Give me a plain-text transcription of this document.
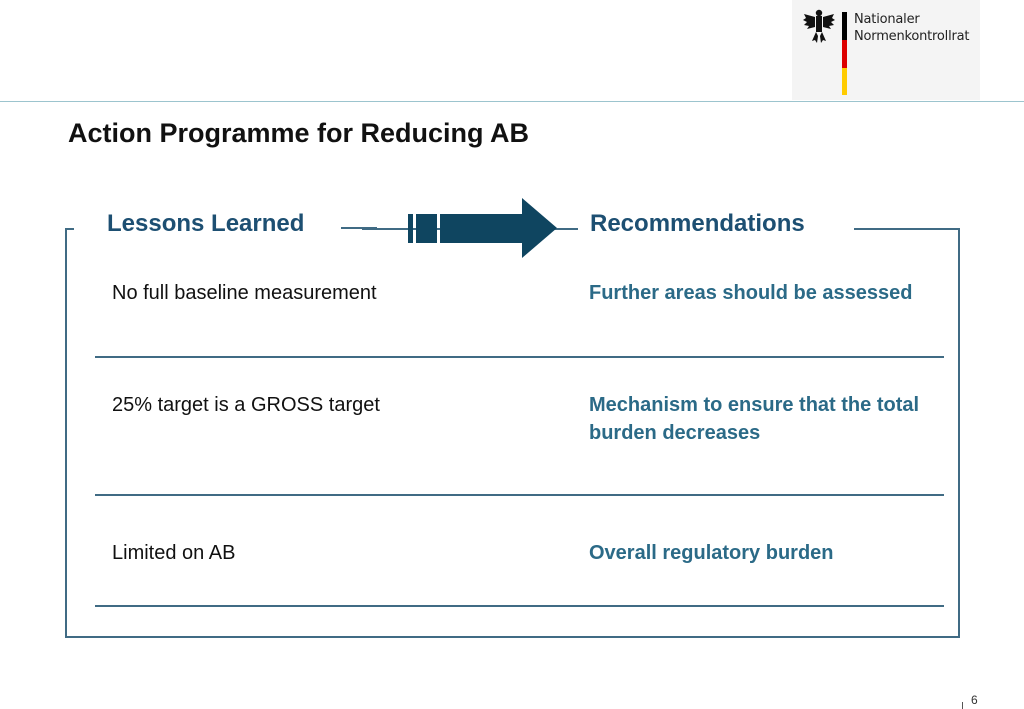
Nationaler
Normenkontrollrat
Action Programme for Reducing AB
Lessons Learned	Recommendations
No full baseline measurement	Further areas should be assessed
25% target is a GROSS target	Mechanism to ensure that the total burden decreases
Limited on AB	Overall regulatory burden
6
